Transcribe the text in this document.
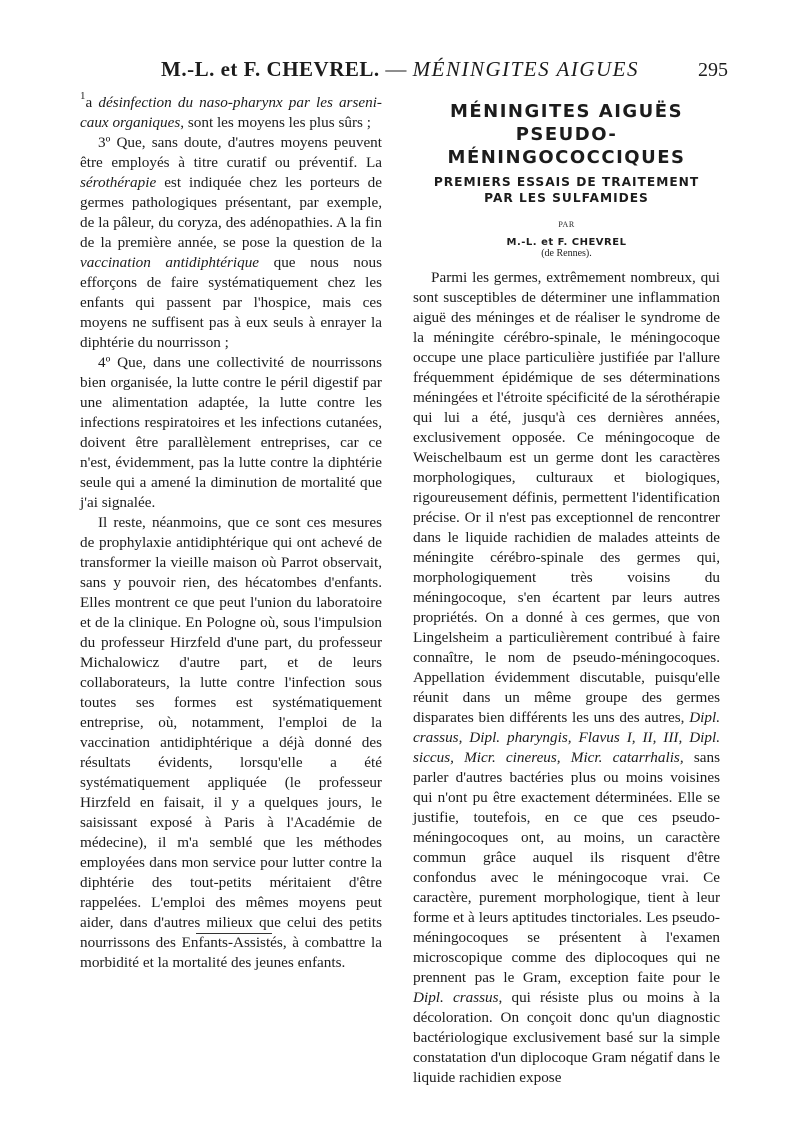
M.-L. et F. CHEVREL. — MÉNINGITES AIGUES	295

$^1$a désinfection du naso-pharynx par les arseni-caux organiques, sont les moyens les plus sûrs ;

3º Que, sans doute, d'autres moyens peuvent être employés à titre curatif ou préventif. La sérothérapie est indiquée chez les porteurs de germes pathologiques présentant, par exemple, de la pâleur, du coryza, des adénopathies. A la fin de la première année, se pose la question de la vaccination antidiphtérique que nous nous efforçons de faire systématiquement chez les enfants qui passent par l'hospice, mais ces moyens ne suffisent pas à eux seuls à enrayer la diphtérie du nourrisson ;

4º Que, dans une collectivité de nourrissons bien organisée, la lutte contre le péril digestif par une alimentation adaptée, la lutte contre les infections respiratoires et les infections cutanées, doivent être parallèlement entreprises, car ce n'est, évidemment, pas la lutte contre la diphtérie seule qui a amené la diminution de mortalité que j'ai signalée.

Il reste, néanmoins, que ce sont ces mesures de prophylaxie antidiphtérique qui ont achevé de transformer la vieille maison où Parrot observait, sans y pouvoir rien, des hécatombes d'enfants. Elles montrent ce que peut l'union du laboratoire et de la clinique. En Pologne où, sous l'impulsion du professeur Hirzfeld d'une part, du professeur Michalowicz d'autre part, et de leurs collaborateurs, la lutte contre l'infection sous toutes ses formes est systématiquement entreprise, où, notamment, l'emploi de la vaccination antidiphtérique a déjà donné des résultats évidents, lorsqu'elle a été systématiquement appliquée (le professeur Hirzfeld en faisait, il y a quelques jours, le saisissant exposé à Paris à l'Académie de médecine), il m'a semblé que les méthodes employées dans mon service pour lutter contre la diphtérie des tout-petits méritaient d'être rappelées. L'emploi des mêmes moyens peut aider, dans d'autres milieux que celui des petits nourrissons des Enfants-Assistés, à combattre la morbidité et la mortalité des jeunes enfants.

MÉNINGITES AIGUËS
PSEUDO-
MÉNINGOCOCCIQUES

PREMIERS ESSAIS DE TRAITEMENT
PAR LES SULFAMIDES

PAR
M.-L. et F. CHEVREL
(de Rennes).

Parmi les germes, extrêmement nombreux, qui sont susceptibles de déterminer une inflammation aiguë des méninges et de réaliser le syndrome de la méningite cérébro-spinale, le méningocoque occupe une place particulière justifiée par l'allure fréquemment épidémique de ses déterminations méningées et l'étroite spécificité de la sérothérapie qui lui a été, jusqu'à ces dernières années, exclusivement opposée. Ce méningocoque de Weischelbaum est un germe dont les caractères morphologiques, culturaux et biologiques, rigoureusement définis, permettent l'identification précise. Or il n'est pas exceptionnel de rencontrer dans le liquide rachidien de malades atteints de méningite cérébro-spinale des germes qui, morphologiquement très voisins du méningocoque, s'en écartent par leurs autres propriétés. On a donné à ces germes, que von Lingelsheim a particulièrement contribué à faire connaître, le nom de pseudo-méningocoques. Appellation évidemment discutable, puisqu'elle réunit dans un même groupe des germes disparates bien différents les uns des autres, Dipl. crassus, Dipl. pharyngis, Flavus I, II, III, Dipl. siccus, Micr. cinereus, Micr. catarrhalis, sans parler d'autres bactéries plus ou moins voisines qui n'ont pu être exactement déterminées. Elle se justifie, toutefois, en ce que ces pseudo-méningocoques ont, au moins, un caractère commun grâce auquel ils risquent d'être confondus avec le méningocoque vrai. Ce caractère, purement morphologique, tient à leur forme et à leurs aptitudes tinctoriales. Les pseudo-méningocoques se présentent à l'examen microscopique comme des diplocoques qui ne prennent pas le Gram, exception faite pour le Dipl. crassus, qui résiste plus ou moins à la décoloration. On conçoit donc qu'un diagnostic bactériologique exclusivement basé sur la simple constatation d'un diplocoque Gram négatif dans le liquide rachidien expose
